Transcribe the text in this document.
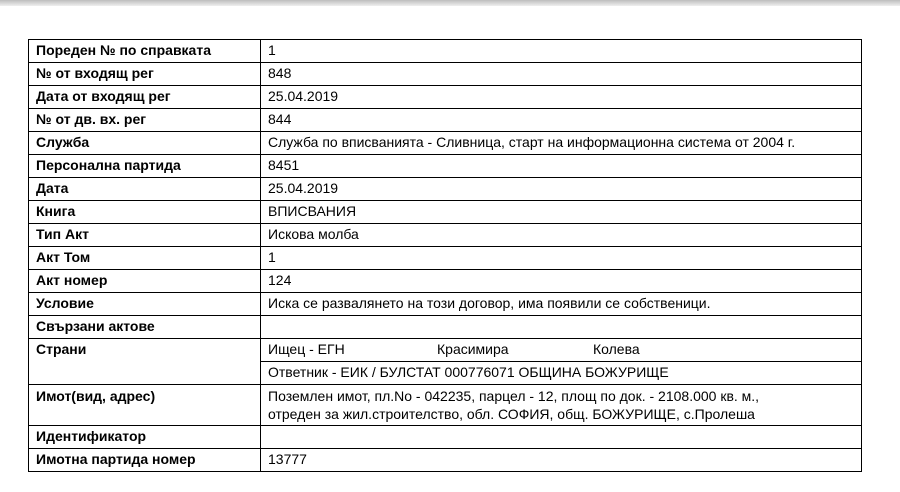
Пореден № по справката	1
№ от входящ рег	848
Дата от входящ рег	25.04.2019
№ от дв. вх. рег	844
Служба	Служба по вписванията - Сливница, старт на информационна система от 2004 г.
Персонална партида	8451
Дата	25.04.2019
Книга	ВПИСВАНИЯ
Тип Акт	Искова молба
Акт Том	1
Акт номер	124
Условие	Иска се развалянето на този договор, има появили се собственици.
Свързани актове	
Страни	Ищец - ЕГН Красимира Колева
Ответник - ЕИК / БУЛСТАТ 000776071 ОБЩИНА БОЖУРИЩЕ

Имот(вид, адрес)	Поземлен имот, пл.No - 042235, парцел - 12, площ по док. - 2108.000 кв. м.,
отреден за жил.строителство, обл. СОФИЯ, общ. БОЖУРИЩЕ, с.Пролеша

Идентификатор	
Имотна партида номер	13777
